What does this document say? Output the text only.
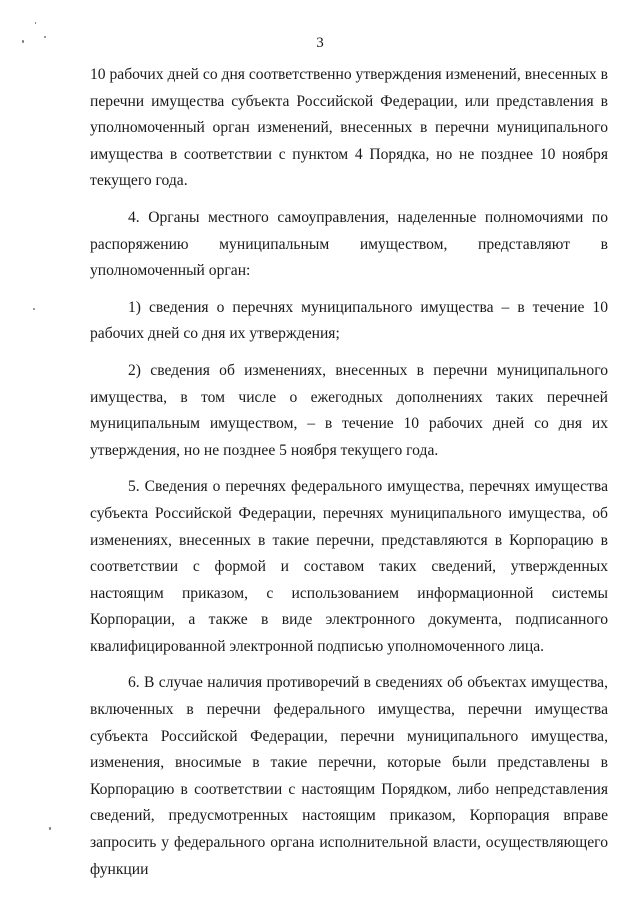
3

10 рабочих дней со дня соответственно утверждения изменений, внесенных в перечни имущества субъекта Российской Федерации, или представления в уполномоченный орган изменений, внесенных в перечни муниципального имущества в соответствии с пунктом 4 Порядка, но не позднее 10 ноября текущего года.

4. Органы местного самоуправления, наделенные полномочиями по распоряжению муниципальным имуществом, представляют в уполномоченный орган:

1) сведения о перечнях муниципального имущества – в течение 10 рабочих дней со дня их утверждения;

2) сведения об изменениях, внесенных в перечни муниципального имущества, в том числе о ежегодных дополнениях таких перечней муниципальным имуществом, – в течение 10 рабочих дней со дня их утверждения, но не позднее 5 ноября текущего года.

5. Сведения о перечнях федерального имущества, перечнях имущества субъекта Российской Федерации, перечнях муниципального имущества, об изменениях, внесенных в такие перечни, представляются в Корпорацию в соответствии с формой и составом таких сведений, утвержденных настоящим приказом, с использованием информационной системы Корпорации, а также в виде электронного документа, подписанного квалифицированной электронной подписью уполномоченного лица.

6. В случае наличия противоречий в сведениях об объектах имущества, включенных в перечни федерального имущества, перечни имущества субъекта Российской Федерации, перечни муниципального имущества, изменения, вносимые в такие перечни, которые были представлены в Корпорацию в соответствии с настоящим Порядком, либо непредставления сведений, предусмотренных настоящим приказом, Корпорация вправе запросить у федерального органа исполнительной власти, осуществляющего функции
